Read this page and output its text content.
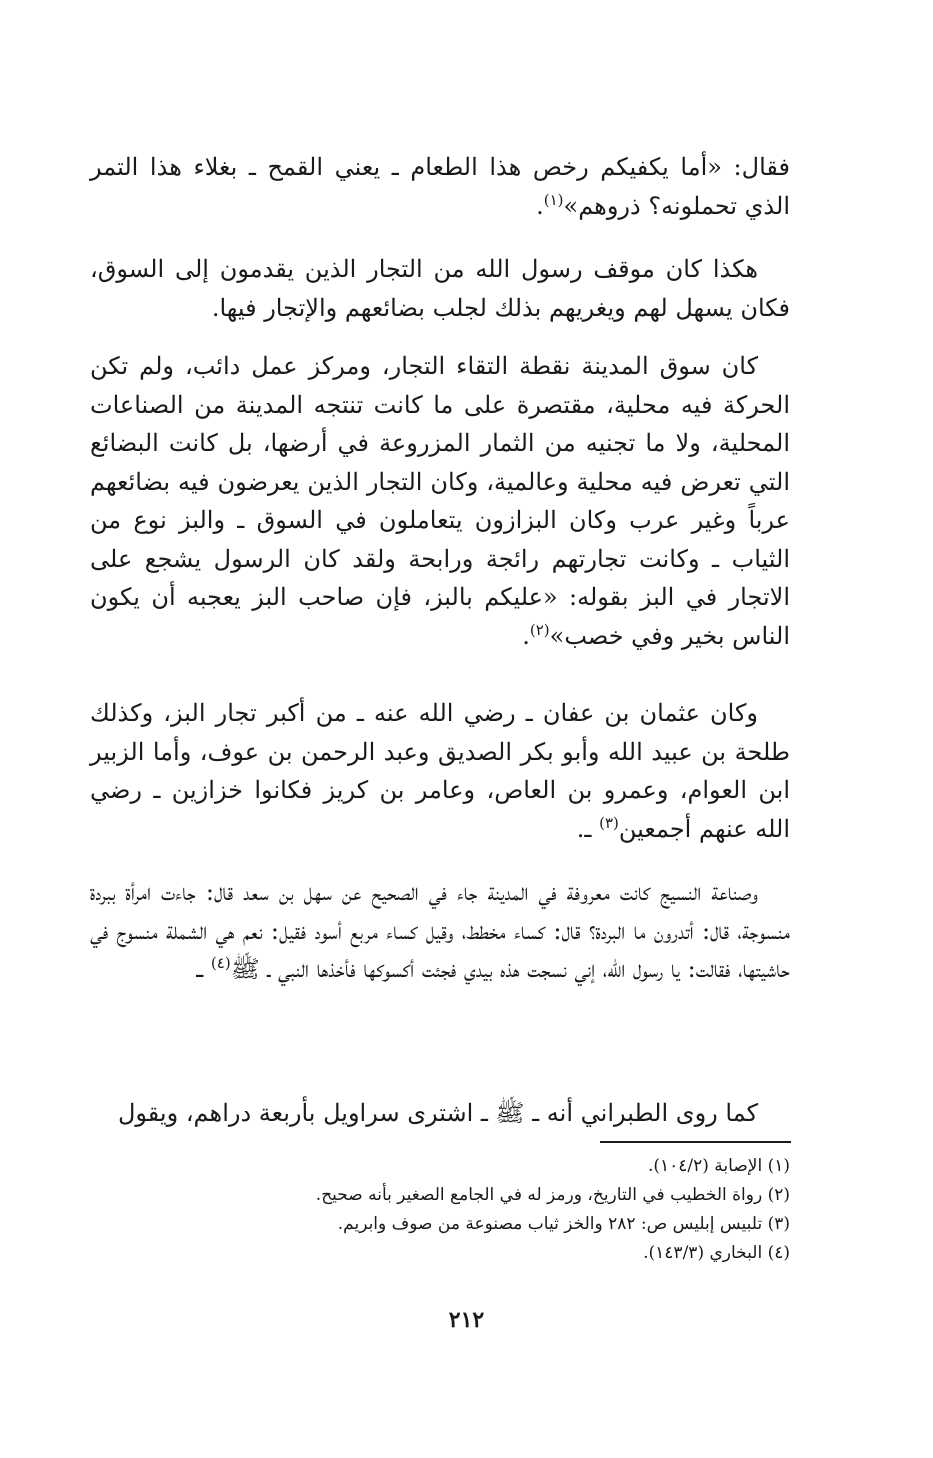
فقال: «أما يكفيكم رخص هذا الطعام ـ يعني القمح ـ بغلاء هذا التمر الذي تحملونه؟ ذروهم»$^{(١)}$.

هكذا كان موقف رسول الله من التجار الذين يقدمون إلى السوق، فكان يسهل لهم ويغريهم بذلك لجلب بضائعهم والإتجار فيها.

كان سوق المدينة نقطة التقاء التجار، ومركز عمل دائب، ولم تكن الحركة فيه محلية، مقتصرة على ما كانت تنتجه المدينة من الصناعات المحلية، ولا ما تجنيه من الثمار المزروعة في أرضها، بل كانت البضائع التي تعرض فيه محلية وعالمية، وكان التجار الذين يعرضون فيه بضائعهم عرباً وغير عرب وكان البزازون يتعاملون في السوق ـ والبز نوع من الثياب ـ وكانت تجارتهم رائجة ورابحة ولقد كان الرسول يشجع على الاتجار في البز بقوله: «عليكم بالبز، فإن صاحب البز يعجبه أن يكون الناس بخير وفي خصب»$^{(٢)}$.

وكان عثمان بن عفان ـ رضي الله عنه ـ من أكبر تجار البز، وكذلك طلحة بن عبيد الله وأبو بكر الصديق وعبد الرحمن بن عوف، وأما الزبير ابن العوام، وعمرو بن العاص، وعامر بن كريز فكانوا خزازين ـ رضي الله عنهم أجمعين$^{(٣)}$ ـ.

وصناعة النسيج كانت معروفة في المدينة جاء في الصحيح عن سهل بن سعد قال: جاءت امرأة ببردة منسوجة، قال: أتدرون ما البردة؟ قال: كساء مخطط، وقيل كساء مربع أسود فقيل: نعم هي الشملة منسوج في حاشيتها، فقالت: يا رسول الله، إني نسجت هذه بيدي فجئت أكسوكها فأخذها النبي ـ ﷺ$^{(٤)}$ ـ

كما روى الطبراني أنه ـ ﷺ ـ اشترى سراويل بأربعة دراهم، ويقول

(١) الإصابة (١٠٤/٢).

(٢) رواة الخطيب في التاريخ، ورمز له في الجامع الصغير بأنه صحيح.

(٣) تلبيس إبليس ص: ٢٨٢ والخز ثياب مصنوعة من صوف وابريم.

(٤) البخاري (١٤٣/٣).

٢١٢
